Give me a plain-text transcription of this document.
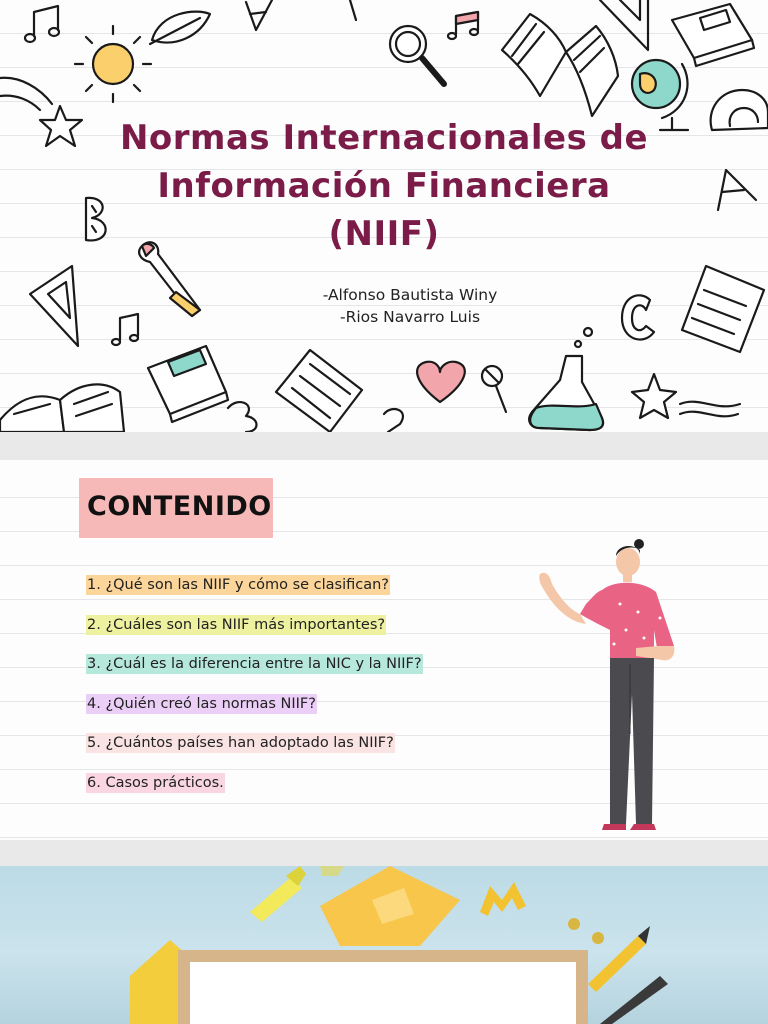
Normas Internacionales de
Información Financiera
(NIIF)
-Alfonso Bautista Winy
-Rios Navarro Luis
CONTENIDO
1. ¿Qué son las NIIF y cómo se clasifican?
2. ¿Cuáles son las NIIF más importantes?
3. ¿Cuál es la diferencia entre la NIC y la NIIF?
4. ¿Quién creó las normas NIIF?
5. ¿Cuántos países han adoptado las NIIF?
6. Casos prácticos.
